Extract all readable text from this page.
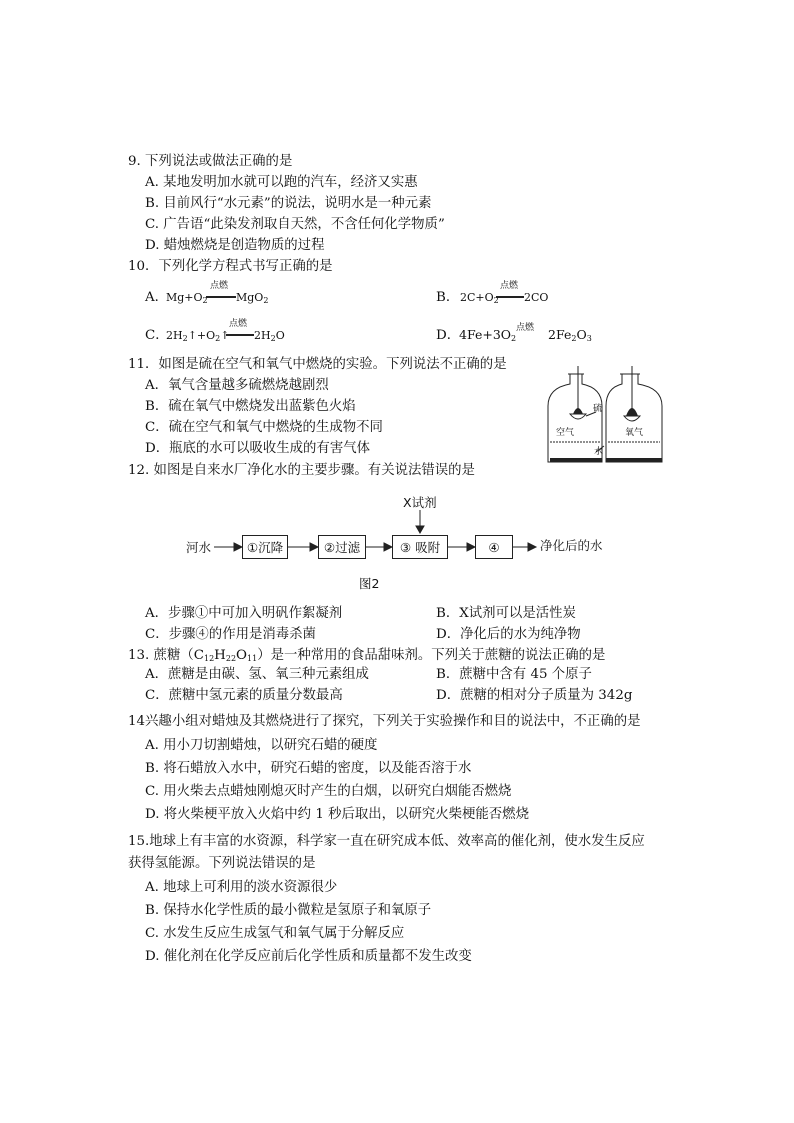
9. 下列说法或做法正确的是
A. 某地发明加水就可以跑的汽车，经济又实惠
B. 目前风行“水元素”的说法，说明水是一种元素
C. 广告语“此染发剂取自天然，不含任何化学物质”
D. 蜡烛燃烧是创造物质的过程
10．下列化学方程式书写正确的是
A．
$Mg+O_2$
点燃
MgO$_2$	B． $2C+O_2$
点燃
2CO
C．
$2H_2↑+O_2↑$
点燃
$2H_2O$	D．
$4Fe+3O_2$
点燃 $2Fe_2O_3$
11．如图是硫在空气和氧气中燃烧的实验。下列说法不正确的是
A．氧气含量越多硫燃烧越剧烈
B．硫在氧气中燃烧发出蓝紫色火焰
C．硫在空气和氧气中燃烧的生成物不同
D．瓶底的水可以吸收生成的有害气体
硫
空气	氧气
水
12. 如图是自来水厂净化水的主要步骤。有关说法错误的是
X试剂
河水	①沉降	②过滤	③ 吸附	④	净化后的水
图2
A．步骤①中可加入明矾作絮凝剂	B．X试剂可以是活性炭
C．步骤④的作用是消毒杀菌	D．净化后的水为纯净物
13. 蔗糖$(C_{12}H_{22}O_{11})$是一种常用的食品甜味剂。下列关于蔗糖的说法正确的是
A．蔗糖是由碳、氢、氧三种元素组成	B．蔗糖中含有 45 个原子
C．蔗糖中氢元素的质量分数最高	D．蔗糖的相对分子质量为 342g
14兴趣小组对蜡烛及其燃烧进行了探究，下列关于实验操作和目的说法中，不正确的是
A. 用小刀切割蜡烛，以研究石蜡的硬度
B. 将石蜡放入水中，研究石蜡的密度，以及能否溶于水
C. 用火柴去点蜡烛刚熄灭时产生的白烟，以研究白烟能否燃烧
D. 将火柴梗平放入火焰中约 1 秒后取出，以研究火柴梗能否燃烧
15.地球上有丰富的水资源，科学家一直在研究成本低、效率高的催化剂，使水发生反应
获得氢能源。下列说法错误的是
A. 地球上可利用的淡水资源很少
B. 保持水化学性质的最小微粒是氢原子和氧原子
C. 水发生反应生成氢气和氧气属于分解反应
D. 催化剂在化学反应前后化学性质和质量都不发生改变
